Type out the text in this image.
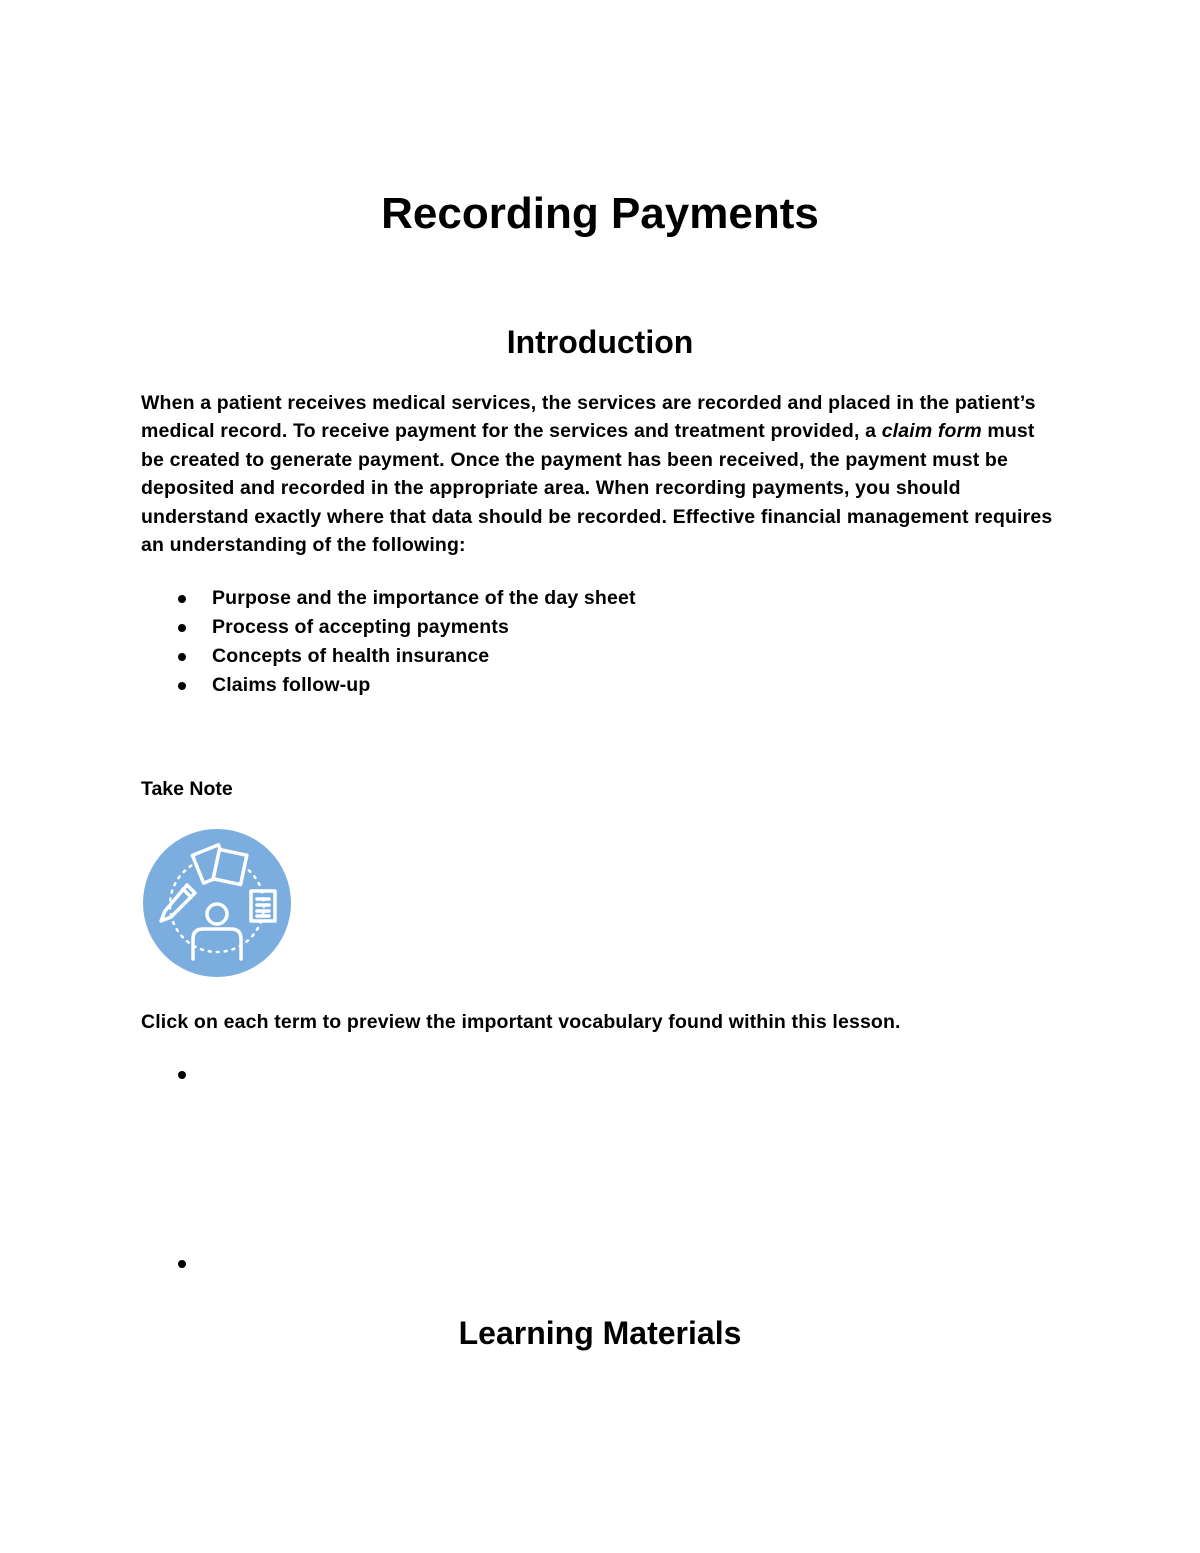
Recording Payments
Introduction

When a patient receives medical services, the services are recorded and placed in the patient’s medical record. To receive payment for the services and treatment provided, a claim form must be created to generate payment. Once the payment has been received, the payment must be deposited and recorded in the appropriate area. When recording payments, you should understand exactly where that data should be recorded. Effective financial management requires an understanding of the following:

Purpose and the importance of the day sheet
Process of accepting payments
Concepts of health insurance
Claims follow-up

Take Note

Click on each term to preview the important vocabulary found within this lesson.

Learning Materials
